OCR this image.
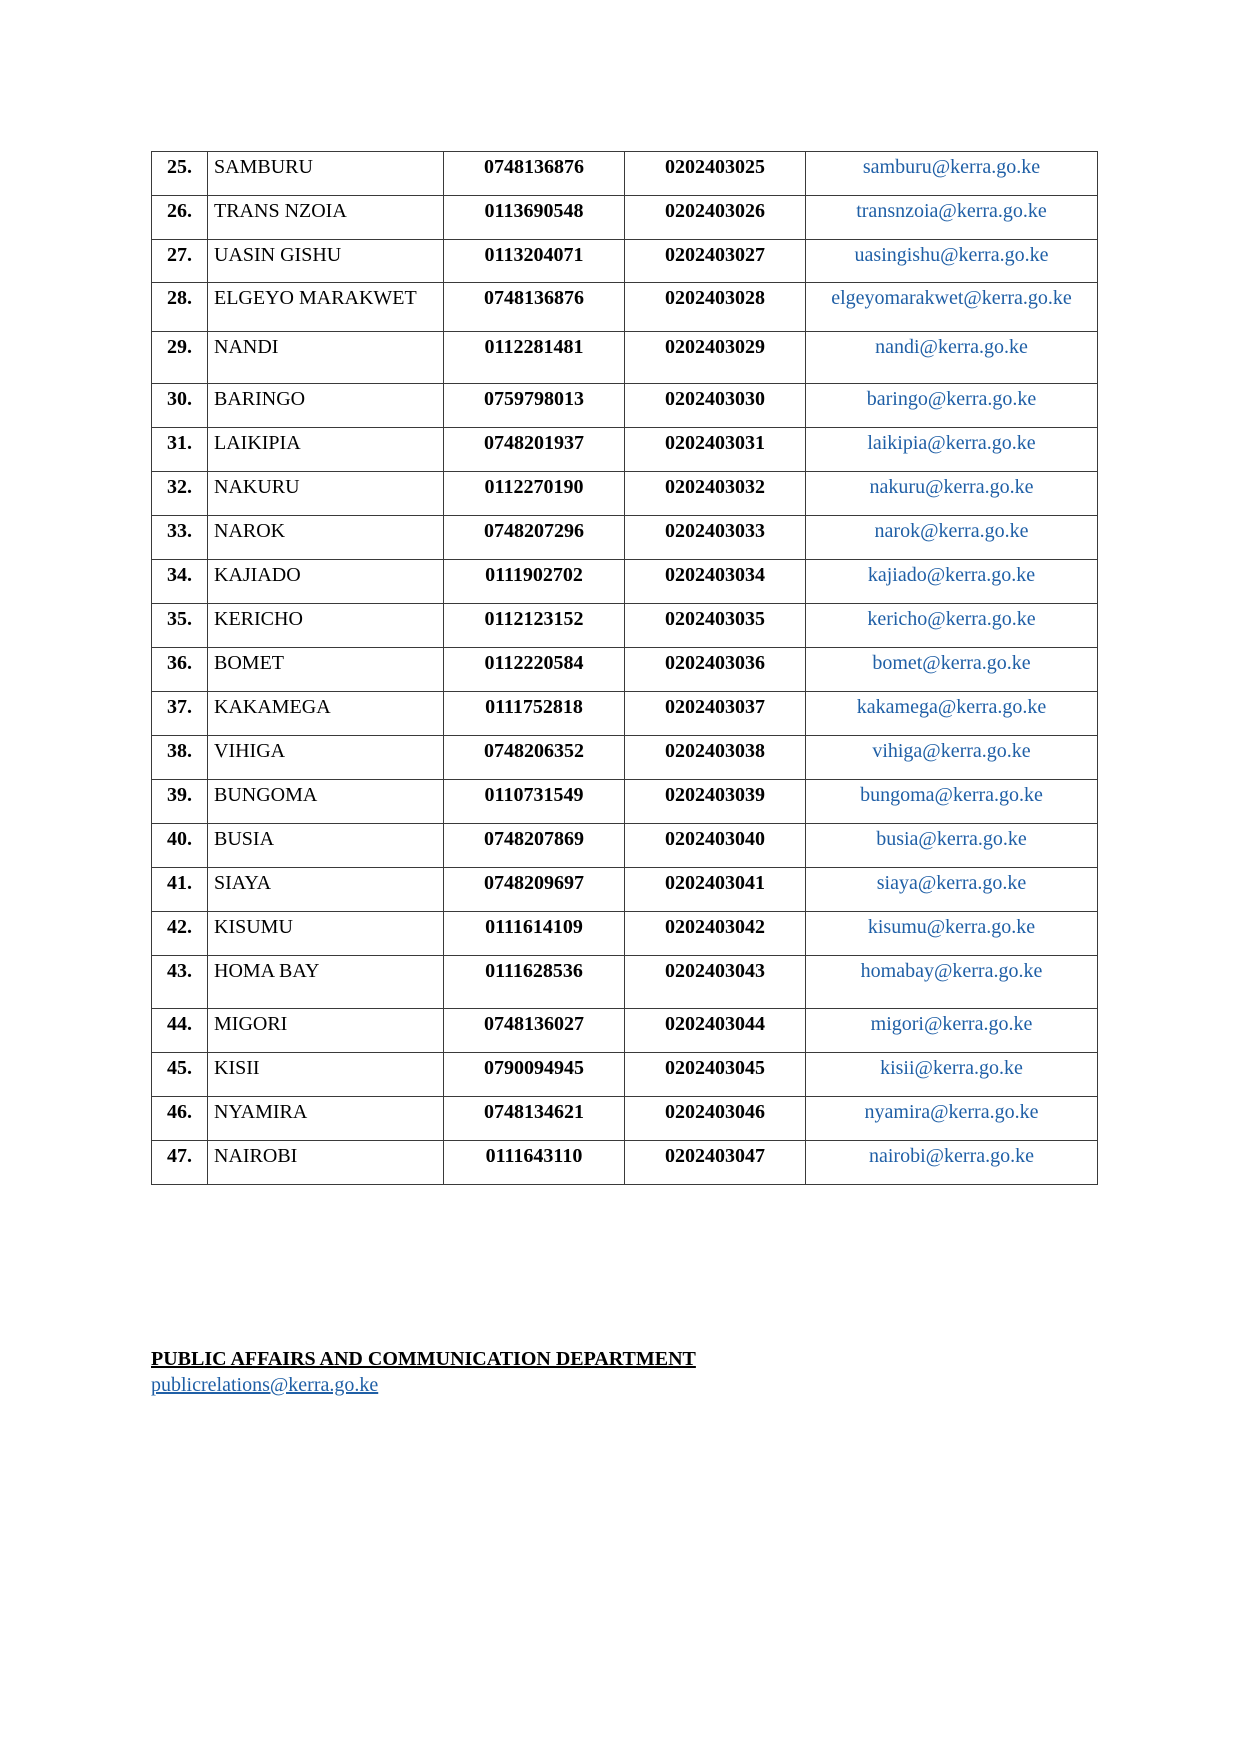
25.	SAMBURU	0748136876	0202403025	samburu@kerra.go.ke
26.	TRANS NZOIA	0113690548	0202403026	transnzoia@kerra.go.ke
27.	UASIN GISHU	0113204071	0202403027	uasingishu@kerra.go.ke
28.	ELGEYO MARAKWET	0748136876	0202403028	elgeyomarakwet@kerra.go.ke
29.	NANDI	0112281481	0202403029	nandi@kerra.go.ke
30.	BARINGO	0759798013	0202403030	baringo@kerra.go.ke
31.	LAIKIPIA	0748201937	0202403031	laikipia@kerra.go.ke
32.	NAKURU	0112270190	0202403032	nakuru@kerra.go.ke
33.	NAROK	0748207296	0202403033	narok@kerra.go.ke
34.	KAJIADO	0111902702	0202403034	kajiado@kerra.go.ke
35.	KERICHO	0112123152	0202403035	kericho@kerra.go.ke
36.	BOMET	0112220584	0202403036	bomet@kerra.go.ke
37.	KAKAMEGA	0111752818	0202403037	kakamega@kerra.go.ke
38.	VIHIGA	0748206352	0202403038	vihiga@kerra.go.ke
39.	BUNGOMA	0110731549	0202403039	bungoma@kerra.go.ke
40.	BUSIA	0748207869	0202403040	busia@kerra.go.ke
41.	SIAYA	0748209697	0202403041	siaya@kerra.go.ke
42.	KISUMU	0111614109	0202403042	kisumu@kerra.go.ke
43.	HOMA BAY	0111628536	0202403043	homabay@kerra.go.ke
44.	MIGORI	0748136027	0202403044	migori@kerra.go.ke
45.	KISII	0790094945	0202403045	kisii@kerra.go.ke
46.	NYAMIRA	0748134621	0202403046	nyamira@kerra.go.ke
47.	NAIROBI	0111643110	0202403047	nairobi@kerra.go.ke
PUBLIC AFFAIRS AND COMMUNICATION DEPARTMENT
publicrelations@kerra.go.ke
